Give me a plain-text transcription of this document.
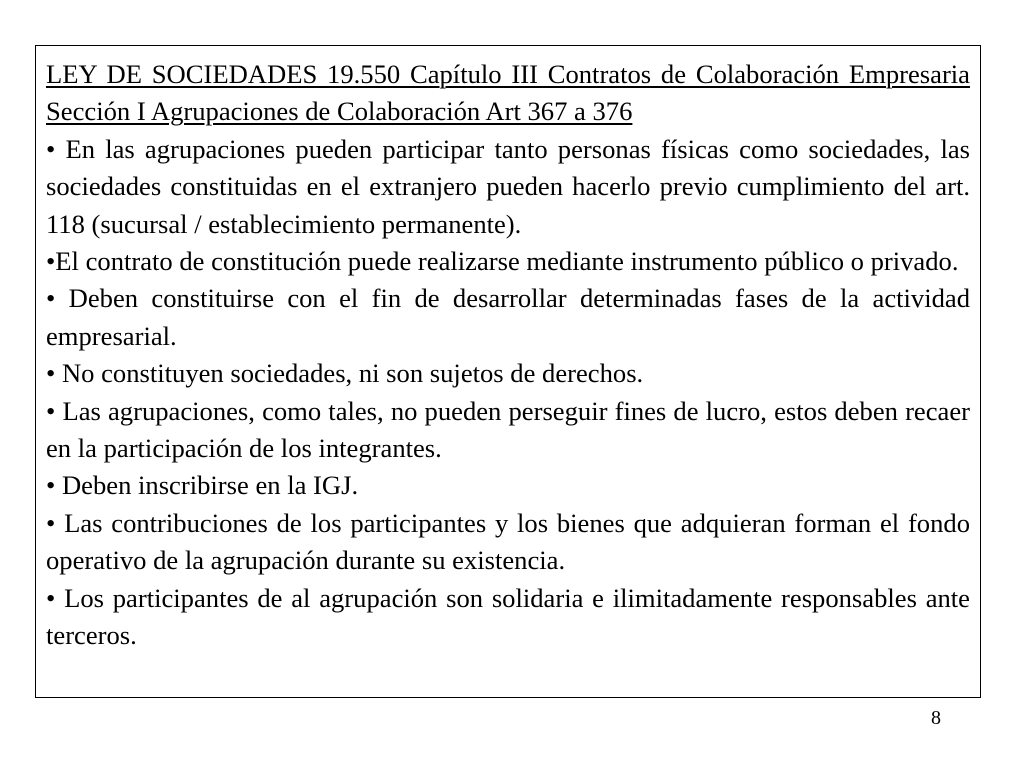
LEY DE SOCIEDADES 19.550 Capítulo III Contratos de Colaboración Empresaria Sección I Agrupaciones de Colaboración Art 367 a 376

• En las agrupaciones pueden participar tanto personas físicas como sociedades, las sociedades constituidas en el extranjero pueden hacerlo previo cumplimiento del art. 118 (sucursal / establecimiento permanente).

•El contrato de constitución puede realizarse mediante instrumento público o privado.

• Deben constituirse con el fin de desarrollar determinadas fases de la actividad empresarial.

• No constituyen sociedades, ni son sujetos de derechos.

• Las agrupaciones, como tales, no pueden perseguir fines de lucro, estos deben recaer en la participación de los integrantes.

• Deben inscribirse en la IGJ.

• Las contribuciones de los participantes y los bienes que adquieran forman el fondo operativo de la agrupación durante su existencia.

• Los participantes de al agrupación son solidaria e ilimitadamente responsables ante terceros.

8
